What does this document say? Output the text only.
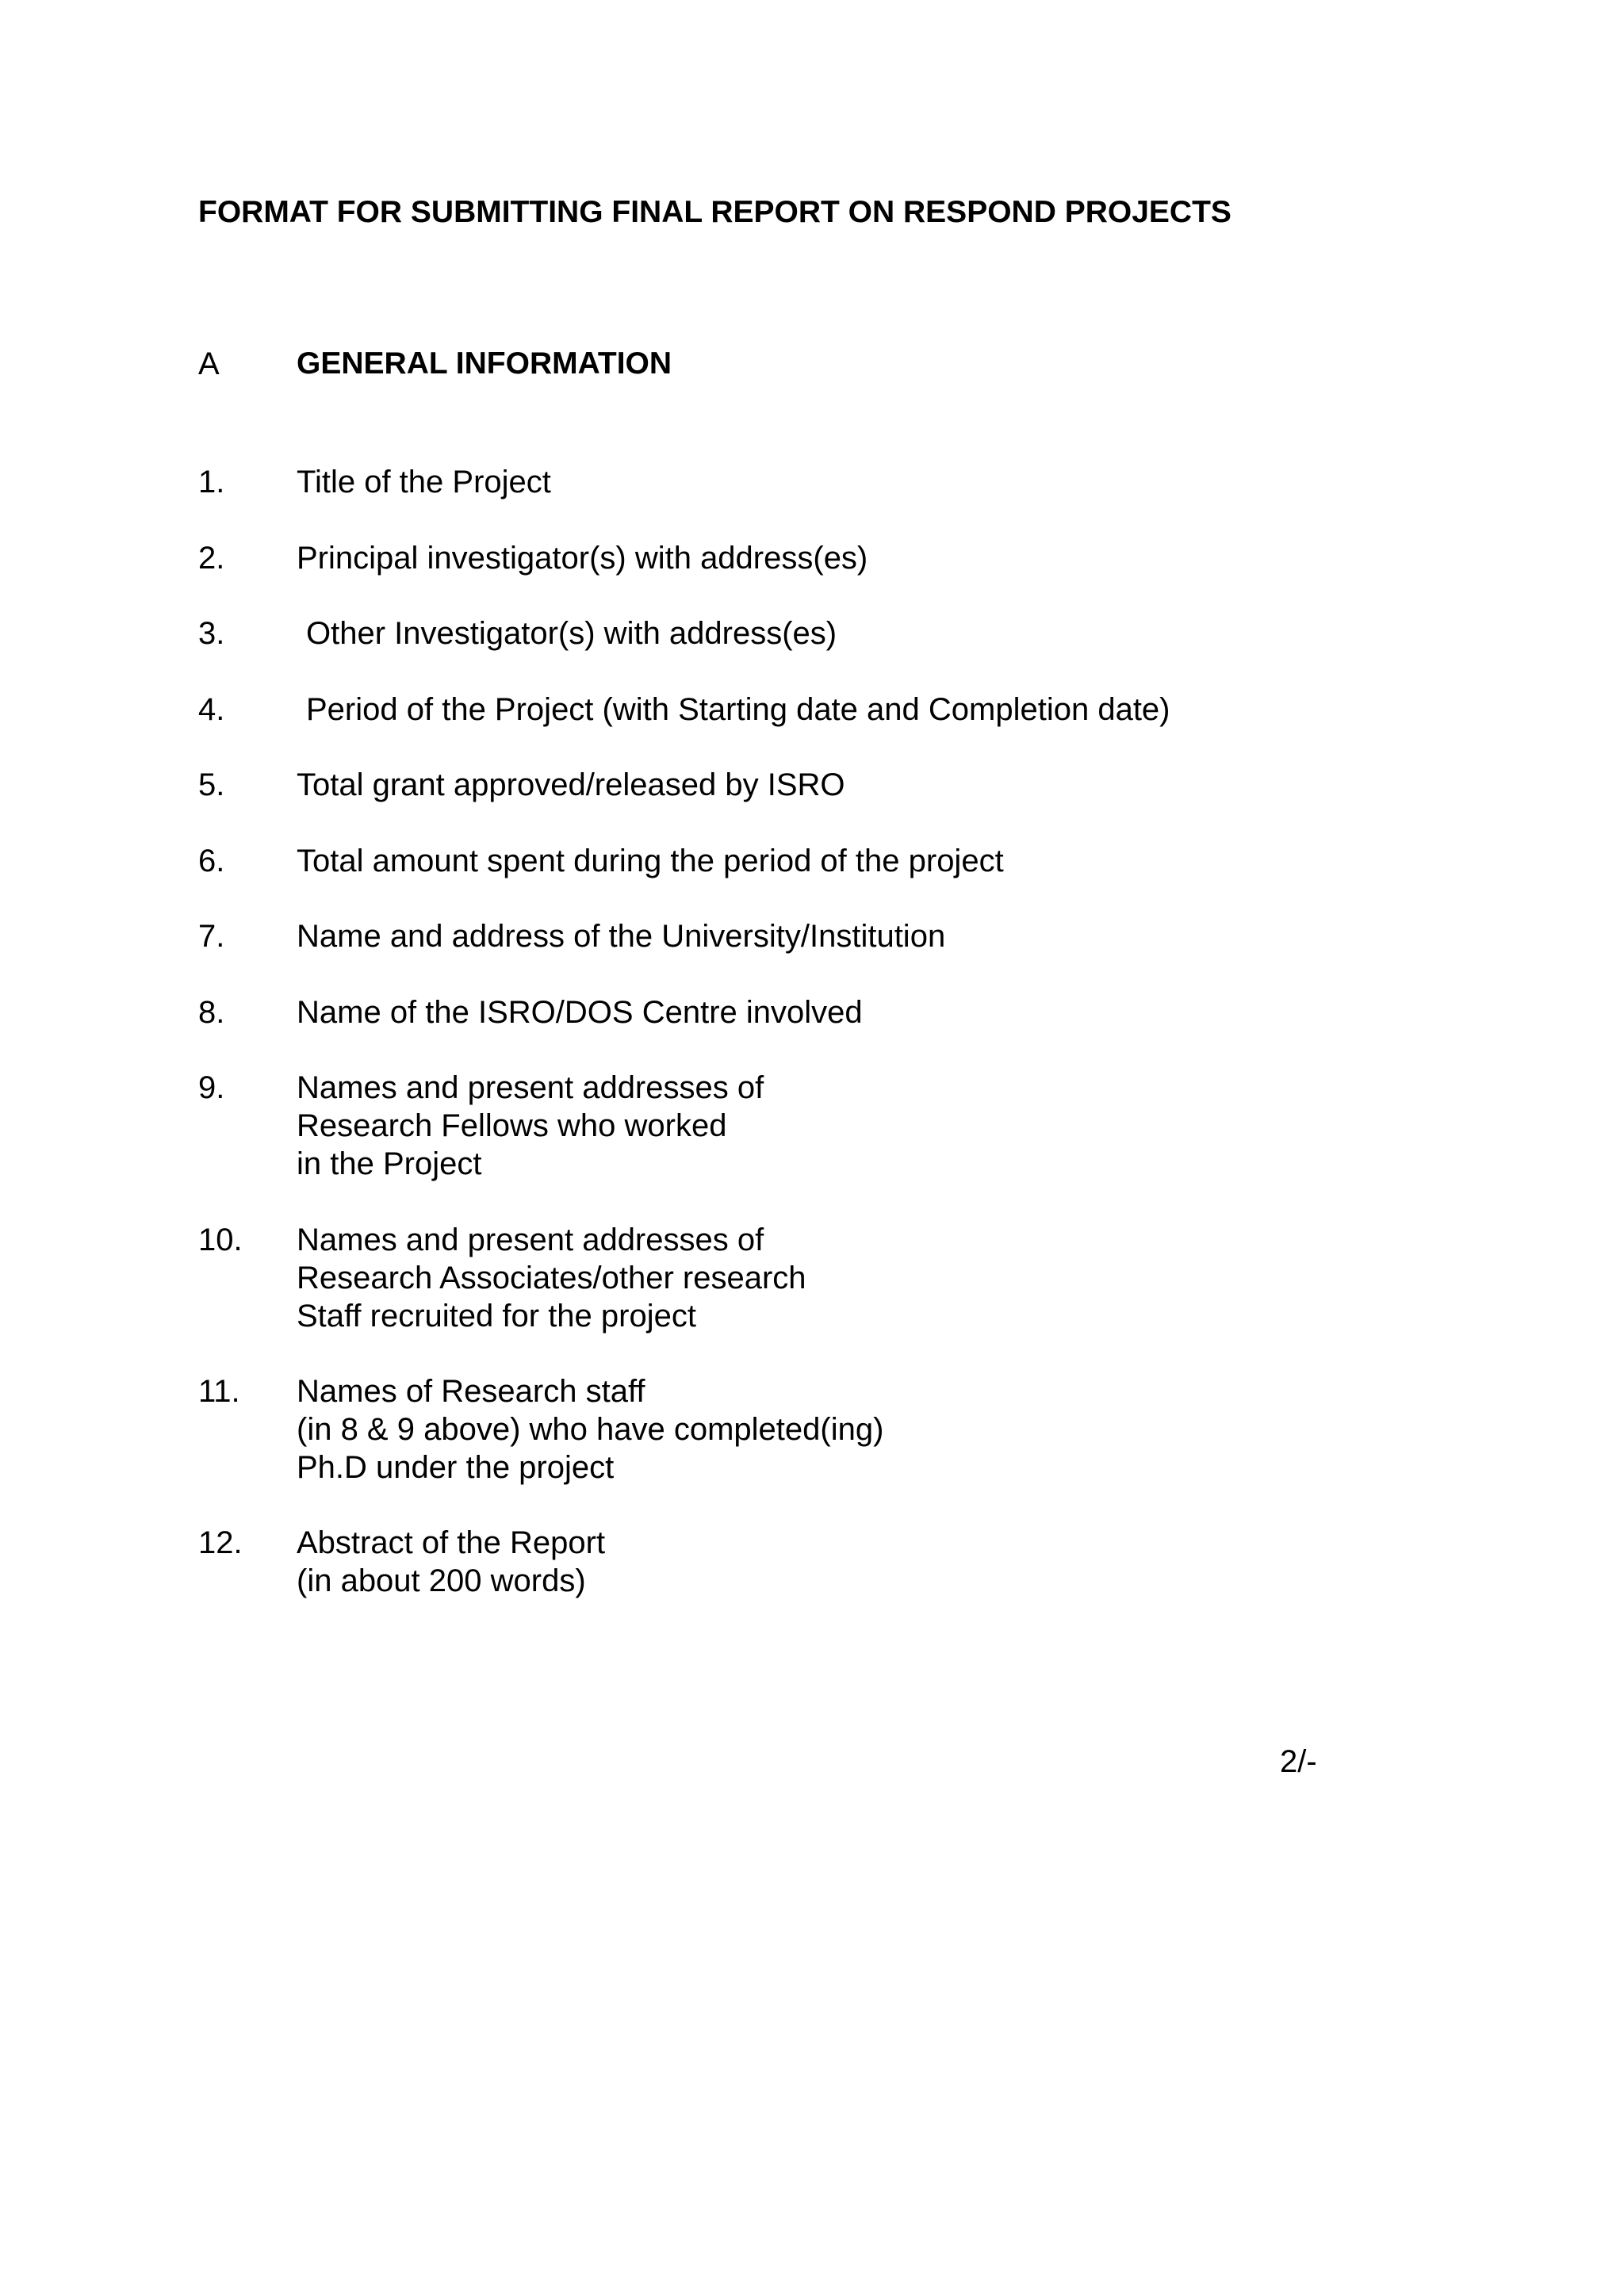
FORMAT FOR SUBMITTING FINAL REPORT ON RESPOND PROJECTS
A GENERAL INFORMATION
1. Title of the Project
2. Principal investigator(s) with address(es)
3.	Other Investigator(s) with address(es)
4.	Period of the Project (with Starting date and Completion date)
5. Total grant approved/released by ISRO
6. Total amount spent during the period of the project
7. Name and address of the University/Institution
8. Name of the ISRO/DOS Centre involved
9. Names and present addresses of
Research Fellows who worked
in the Project
10. Names and present addresses of
Research Associates/other research
Staff recruited for the project
11. Names of Research staff
(in 8 & 9 above) who have completed(ing)
Ph.D under the project
12. Abstract of the Report
(in about 200 words)
2/-
